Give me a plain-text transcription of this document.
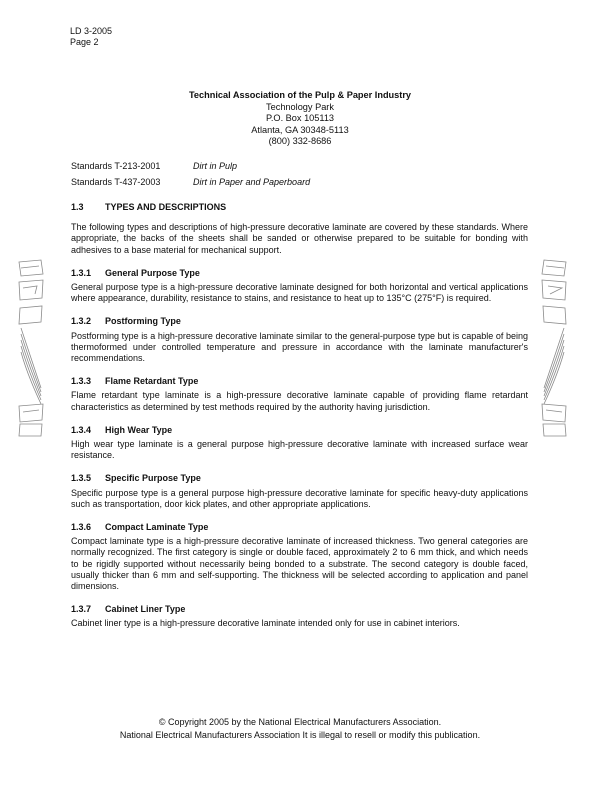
LD 3-2005
Page 2
Technical Association of the Pulp & Paper Industry
Technology Park
P.O. Box 105113
Atlanta, GA 30348-5113
(800) 332-8686
Standards T-213-2001	Dirt in Pulp
Standards T-437-2003	Dirt in Paper and Paperboard
1.3 TYPES AND DESCRIPTIONS
The following types and descriptions of high-pressure decorative laminate are covered by these standards. Where appropriate, the backs of the sheets shall be sanded or otherwise prepared to be suitable for bonding with adhesives to a base material for mechanical support.
1.3.1 General Purpose Type
General purpose type is a high-pressure decorative laminate designed for both horizontal and vertical applications where appearance, durability, resistance to stains, and resistance to heat up to 135°C (275°F) is required.
1.3.2 Postforming Type
Postforming type is a high-pressure decorative laminate similar to the general-purpose type but is capable of being thermoformed under controlled temperature and pressure in accordance with the laminate manufacturer's recommendations.
1.3.3 Flame Retardant Type
Flame retardant type laminate is a high-pressure decorative laminate capable of providing flame retardant characteristics as determined by test methods required by the authority having jurisdiction.
1.3.4 High Wear Type
High wear type laminate is a general purpose high-pressure decorative laminate with increased surface wear resistance.
1.3.5 Specific Purpose Type
Specific purpose type is a general purpose high-pressure decorative laminate for specific heavy-duty applications such as transportation, door kick plates, and other appropriate applications.
1.3.6 Compact Laminate Type
Compact laminate type is a high-pressure decorative laminate of increased thickness. Two general categories are normally recognized. The first category is single or double faced, approximately 2 to 6 mm thick, and which needs to be rigidly supported without necessarily being bonded to a substrate. The second category is double faced, usually thicker than 6 mm and self-supporting. The thickness will be selected according to application and panel dimensions.
1.3.7 Cabinet Liner Type
Cabinet liner type is a high-pressure decorative laminate intended only for use in cabinet interiors.
© Copyright 2005 by the National Electrical Manufacturers Association.
National Electrical Manufacturers Association It is illegal to resell or modify this publication.
